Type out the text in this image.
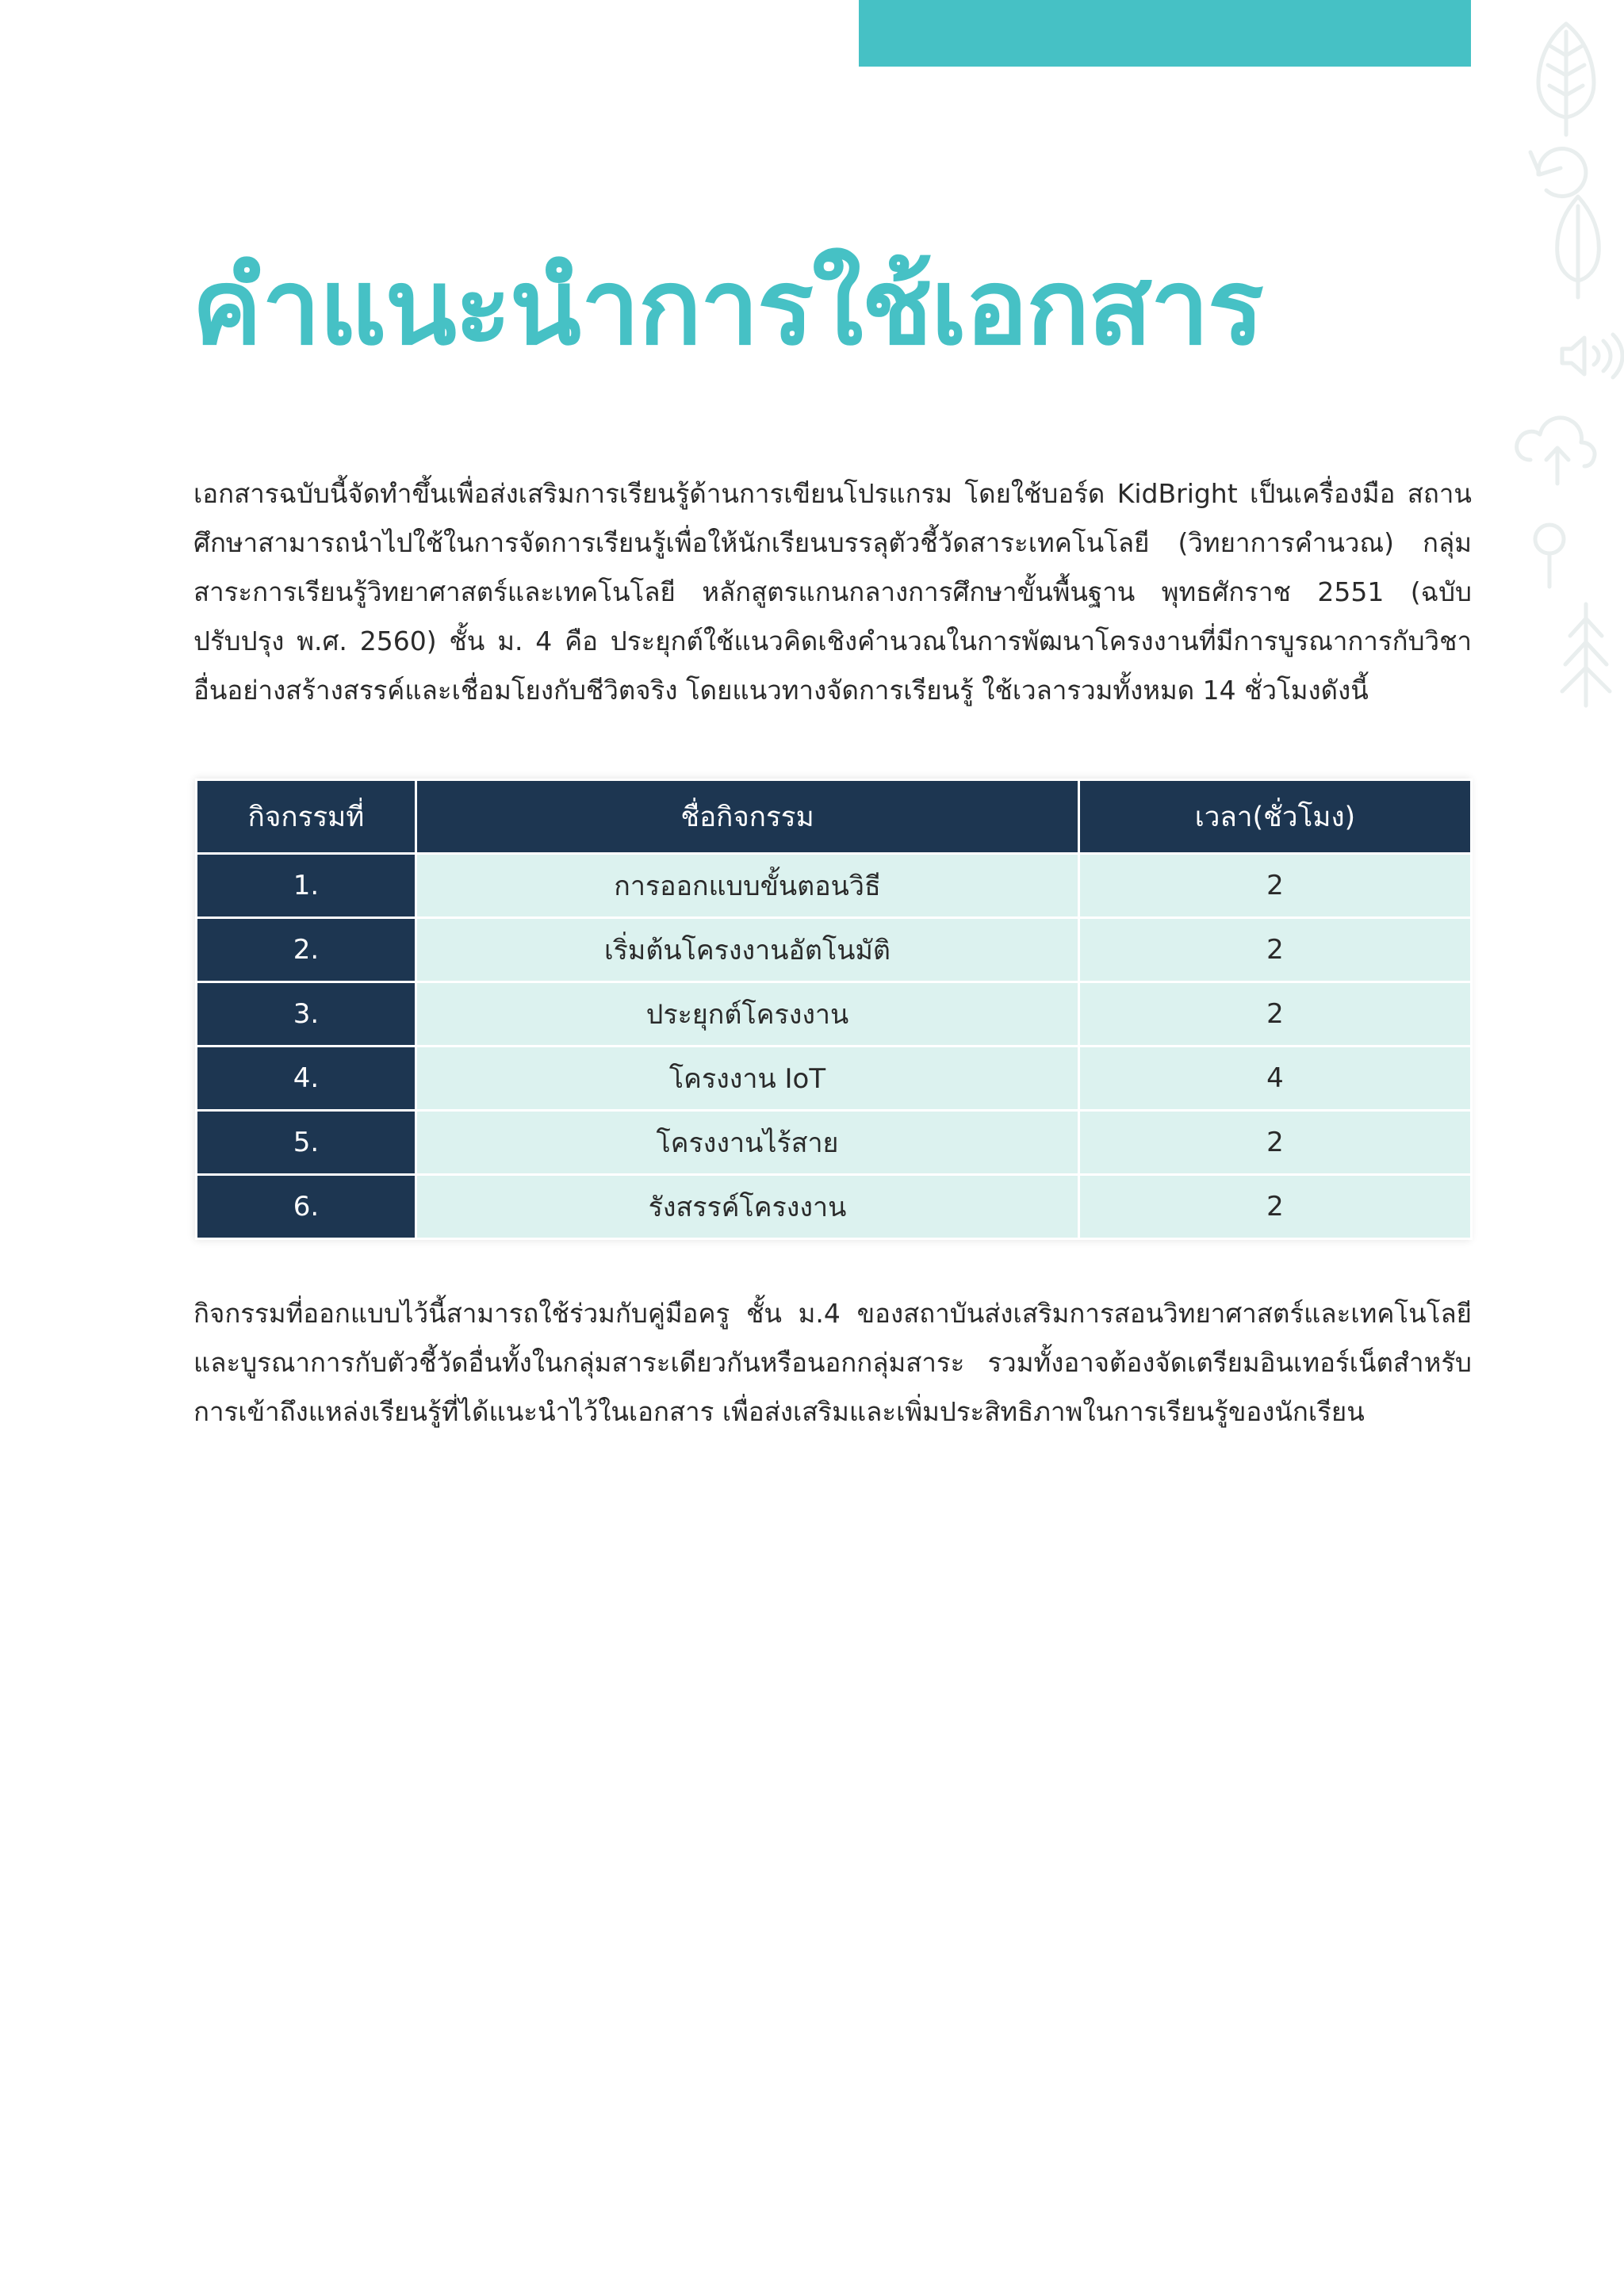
คำแนะนำการใช้เอกสาร

เอกสารฉบับนี้จัดทำขึ้นเพื่อส่งเสริมการเรียนรู้ด้านการเขียนโปรแกรม โดยใช้บอร์ด KidBright เป็นเครื่องมือ สถานศึกษาสามารถนำไปใช้ในการจัดการเรียนรู้เพื่อให้นักเรียนบรรลุตัวชี้วัดสาระเทคโนโลยี (วิทยาการคำนวณ) กลุ่มสาระการเรียนรู้วิทยาศาสตร์และเทคโนโลยี หลักสูตรแกนกลางการศึกษาขั้นพื้นฐาน พุทธศักราช 2551 (ฉบับปรับปรุง พ.ศ. 2560) ชั้น ม. 4 คือ ประยุกต์ใช้แนวคิดเชิงคำนวณในการพัฒนาโครงงานที่มีการบูรณาการกับวิชาอื่นอย่างสร้างสรรค์และเชื่อมโยงกับชีวิตจริง โดยแนวทางจัดการเรียนรู้ ใช้เวลารวมทั้งหมด 14 ชั่วโมงดังนี้

กิจกรรมที่	ชื่อกิจกรรม	เวลา(ชั่วโมง)
1.	การออกแบบขั้นตอนวิธี	2
2.	เริ่มต้นโครงงานอัตโนมัติ	2
3.	ประยุกต์โครงงาน	2
4.	โครงงาน IoT	4
5.	โครงงานไร้สาย	2
6.	รังสรรค์โครงงาน	2

กิจกรรมที่ออกแบบไว้นี้สามารถใช้ร่วมกับคู่มือครู ชั้น ม.4 ของสถาบันส่งเสริมการสอนวิทยาศาสตร์และเทคโนโลยีและบูรณาการกับตัวชี้วัดอื่นทั้งในกลุ่มสาระเดียวกันหรือนอกกลุ่มสาระ รวมทั้งอาจต้องจัดเตรียมอินเทอร์เน็ตสำหรับการเข้าถึงแหล่งเรียนรู้ที่ได้แนะนำไว้ในเอกสาร เพื่อส่งเสริมและเพิ่มประสิทธิภาพในการเรียนรู้ของนักเรียน
